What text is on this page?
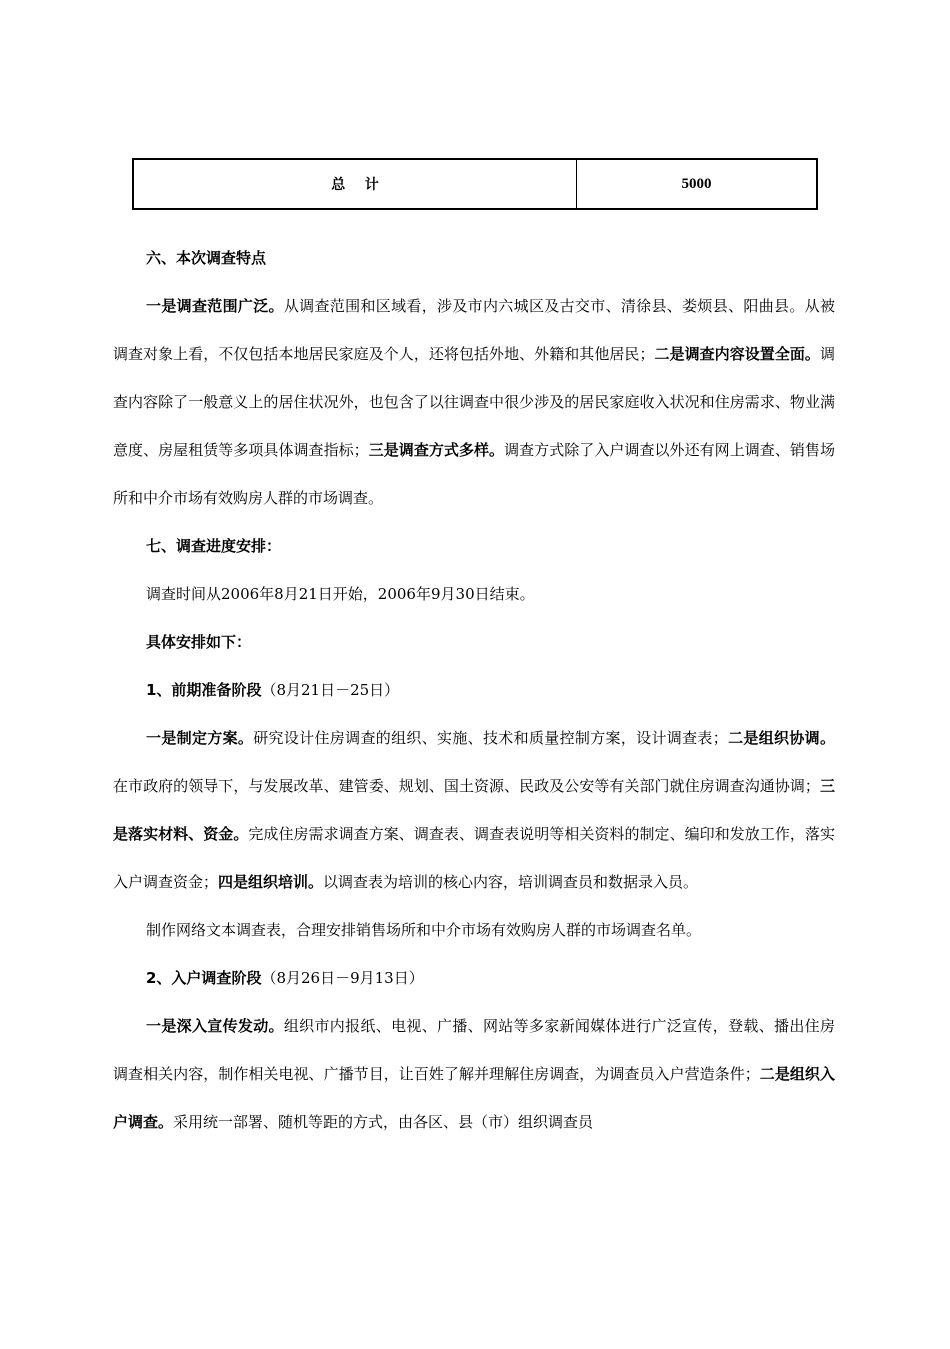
总    计	5000

六、本次调查特点

一是调查范围广泛。从调查范围和区域看，涉及市内六城区及古交市、清徐县、娄烦县、阳曲县。从被调查对象上看，不仅包括本地居民家庭及个人，还将包括外地、外籍和其他居民；二是调查内容设置全面。调查内容除了一般意义上的居住状况外，也包含了以往调查中很少涉及的居民家庭收入状况和住房需求、物业满意度、房屋租赁等多项具体调查指标；三是调查方式多样。调查方式除了入户调查以外还有网上调查、销售场所和中介市场有效购房人群的市场调查。

七、调查进度安排：

调查时间从2006年8月21日开始，2006年9月30日结束。

具体安排如下：

1、前期准备阶段（8月21日－25日）

一是制定方案。研究设计住房调查的组织、实施、技术和质量控制方案，设计调查表；二是组织协调。在市政府的领导下，与发展改革、建管委、规划、国土资源、民政及公安等有关部门就住房调查沟通协调；三是落实材料、资金。完成住房需求调查方案、调查表、调查表说明等相关资料的制定、编印和发放工作，落实入户调查资金；四是组织培训。以调查表为培训的核心内容，培训调查员和数据录入员。

制作网络文本调查表，合理安排销售场所和中介市场有效购房人群的市场调查名单。

2、入户调查阶段（8月26日－9月13日）

一是深入宣传发动。组织市内报纸、电视、广播、网站等多家新闻媒体进行广泛宣传，登载、播出住房调查相关内容，制作相关电视、广播节目，让百姓了解并理解住房调查，为调查员入户营造条件；二是组织入户调查。采用统一部署、随机等距的方式，由各区、县（市）组织调查员
